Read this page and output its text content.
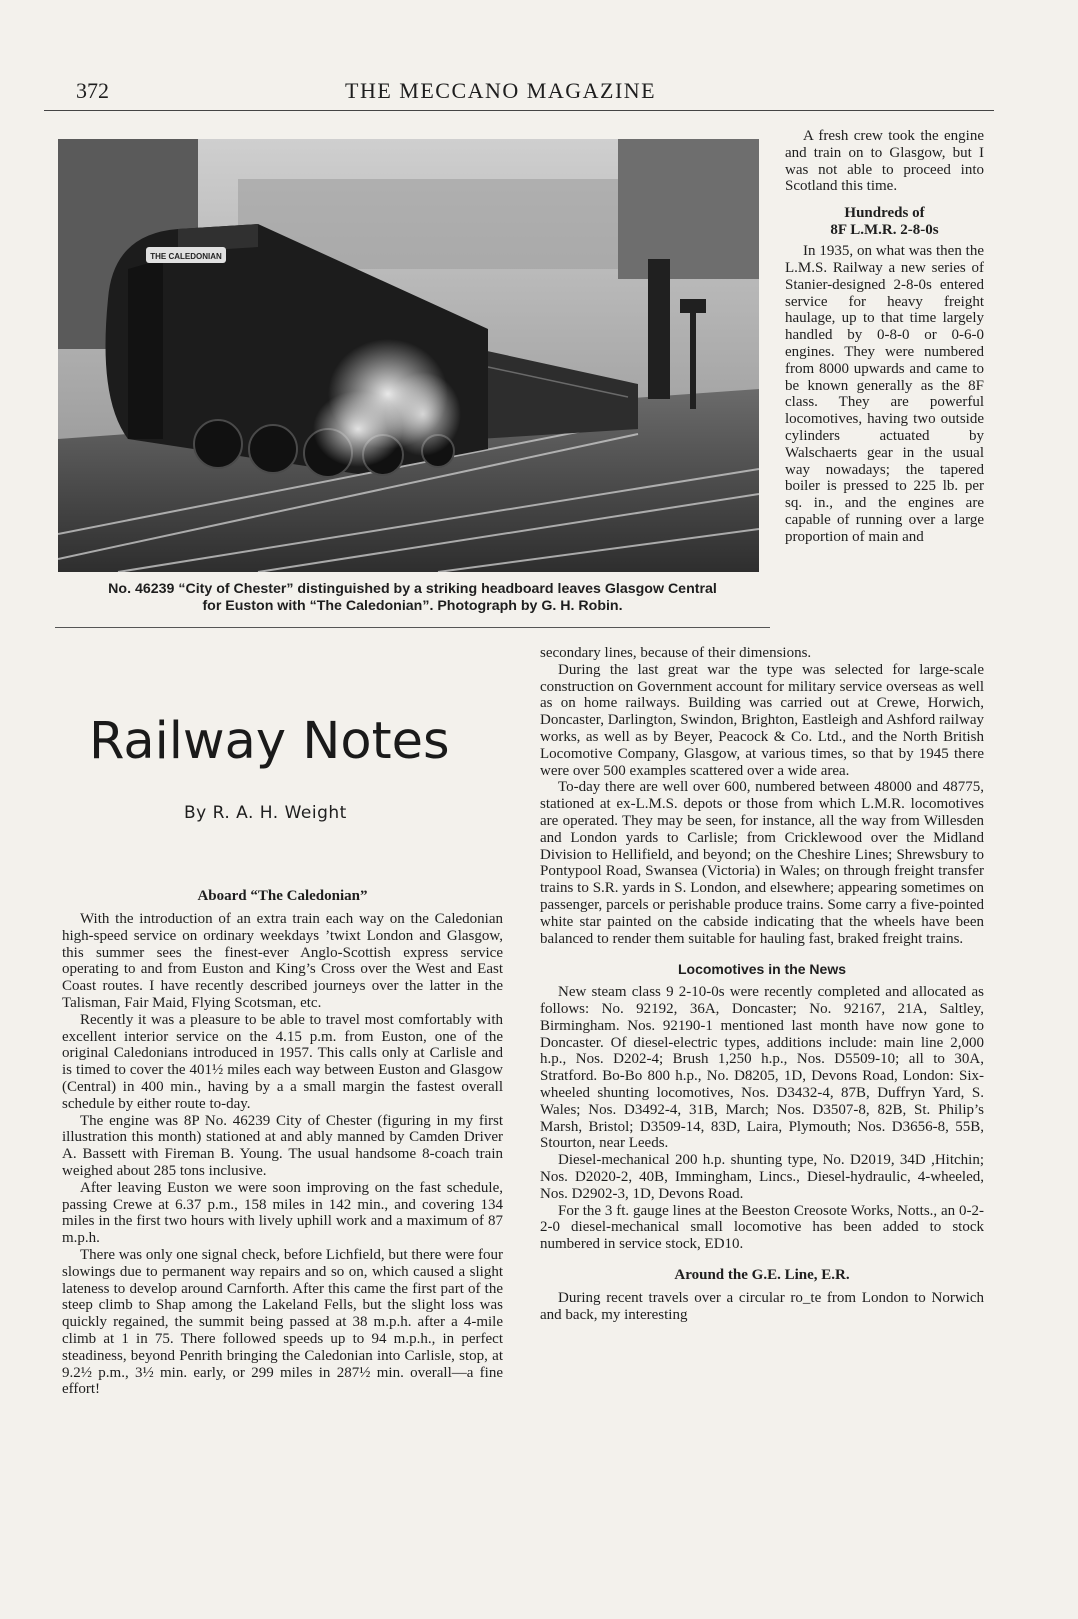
372	THE MECCANO MAGAZINE
THE CALEDONIAN

No. 46239 “City of Chester” distinguished by a striking headboard leaves Glasgow Central

for Euston with “The Caledonian”. Photograph by G. H. Robin.

Railway Notes
By R. A. H. Weight

A fresh crew took the engine and train on to Glasgow, but I was not able to proceed into Scotland this time.

Hundreds of
8F L.M.R. 2-8-0s

In 1935, on what was then the L.M.S. Railway a new series of Stanier-designed 2-8-0s entered service for heavy freight haulage, up to that time largely handled by 0-8-0 or 0-6-0 engines. They were numbered from 8000 upwards and came to be known generally as the 8F class. They are powerful locomotives, having two outside cylinders actuated by Walschaerts gear in the usual way nowadays; the tapered boiler is pressed to 225 lb. per sq. in., and the engines are capable of running over a large proportion of main and

secondary lines, because of their dimensions.

During the last great war the type was selected for large-scale construction on Government account for military service overseas as well as on home railways. Building was carried out at Crewe, Horwich, Doncaster, Darlington, Swindon, Brighton, Eastleigh and Ashford railway works, as well as by Beyer, Peacock & Co. Ltd., and the North British Locomotive Company, Glasgow, at various times, so that by 1945 there were over 500 examples scattered over a wide area.

To-day there are well over 600, numbered between 48000 and 48775, stationed at ex-L.M.S. depots or those from which L.M.R. locomotives are operated. They may be seen, for instance, all the way from Willesden and London yards to Carlisle; from Cricklewood over the Midland Division to Hellifield, and beyond; on the Cheshire Lines; Shrewsbury to Pontypool Road, Swansea (Victoria) in Wales; on through freight transfer trains to S.R. yards in S. London, and elsewhere; appearing sometimes on passenger, parcels or perishable produce trains. Some carry a five-pointed white star painted on the cabside indicating that the wheels have been balanced to render them suitable for hauling fast, braked freight trains.

Locomotives in the News

New steam class 9 2-10-0s were recently completed and allocated as follows: No. 92192, 36A, Doncaster; No. 92167, 21A, Saltley, Birmingham. Nos. 92190-1 mentioned last month have now gone to Doncaster. Of diesel-electric types, additions include: main line 2,000 h.p., Nos. D202-4; Brush 1,250 h.p., Nos. D5509-10; all to 30A, Stratford. Bo-Bo 800 h.p., No. D8205, 1D, Devons Road, London: Six-wheeled shunting locomotives, Nos. D3432-4, 87B, Duffryn Yard, S. Wales; Nos. D3492-4, 31B, March; Nos. D3507-8, 82B, St. Philip’s Marsh, Bristol; D3509-14, 83D, Laira, Plymouth; Nos. D3656-8, 55B, Stourton, near Leeds.

Diesel-mechanical 200 h.p. shunting type, No. D2019, 34D ,Hitchin; Nos. D2020-2, 40B, Immingham, Lincs., Diesel-hydraulic, 4-wheeled, Nos. D2902-3, 1D, Devons Road.

For the 3 ft. gauge lines at the Beeston Creosote Works, Notts., an 0-2-2-0 diesel-mechanical small locomotive has been added to stock numbered in service stock, ED10.

Around the G.E. Line, E.R.

During recent travels over a circular ro_te from London to Norwich and back, my interesting

Aboard “The Caledonian”

With the introduction of an extra train each way on the Caledonian high-speed service on ordinary weekdays ’twixt London and Glasgow, this summer sees the finest-ever Anglo-Scottish express service operating to and from Euston and King’s Cross over the West and East Coast routes. I have recently described journeys over the latter in the Talisman, Fair Maid, Flying Scotsman, etc.

Recently it was a pleasure to be able to travel most comfortably with excellent interior service on the 4.15 p.m. from Euston, one of the original Caledonians introduced in 1957. This calls only at Carlisle and is timed to cover the 401½ miles each way between Euston and Glasgow (Central) in 400 min., having by a a small margin the fastest overall schedule by either route to-day.

The engine was 8P No. 46239 City of Chester (figuring in my first illustration this month) stationed at and ably manned by Camden Driver A. Bassett with Fireman B. Young. The usual handsome 8-coach train weighed about 285 tons inclusive.

After leaving Euston we were soon improving on the fast schedule, passing Crewe at 6.37 p.m., 158 miles in 142 min., and covering 134 miles in the first two hours with lively uphill work and a maximum of 87 m.p.h.

There was only one signal check, before Lichfield, but there were four slowings due to permanent way repairs and so on, which caused a slight lateness to develop around Carnforth. After this came the first part of the steep climb to Shap among the Lakeland Fells, but the slight loss was quickly regained, the summit being passed at 38 m.p.h. after a 4-mile climb at 1 in 75. There followed speeds up to 94 m.p.h., in perfect steadiness, beyond Penrith bringing the Caledonian into Carlisle, stop, at 9.2½ p.m., 3½ min. early, or 299 miles in 287½ min. overall—a fine effort!
